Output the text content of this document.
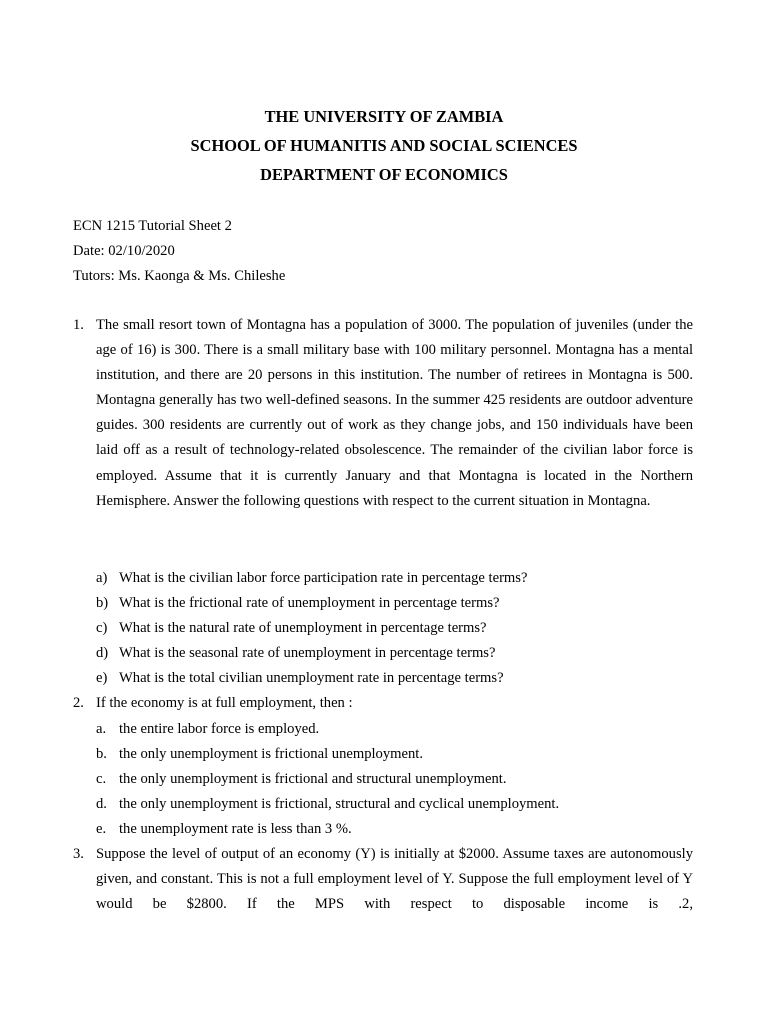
THE UNIVERSITY OF ZAMBIA
SCHOOL OF HUMANITIS AND SOCIAL SCIENCES
DEPARTMENT OF ECONOMICS
ECN 1215 Tutorial Sheet 2
Date: 02/10/2020
Tutors: Ms. Kaonga & Ms. Chileshe
1. The small resort town of Montagna has a population of 3000. The population of juveniles (under the age of 16) is 300. There is a small military base with 100 military personnel. Montagna has a mental institution, and there are 20 persons in this institution. The number of retirees in Montagna is 500. Montagna generally has two well-defined seasons. In the summer 425 residents are outdoor adventure guides. 300 residents are currently out of work as they change jobs, and 150 individuals have been laid off as a result of technology-related obsolescence. The remainder of the civilian labor force is employed. Assume that it is currently January and that Montagna is located in the Northern Hemisphere. Answer the following questions with respect to the current situation in Montagna.
a) What is the civilian labor force participation rate in percentage terms?
b) What is the frictional rate of unemployment in percentage terms?
c) What is the natural rate of unemployment in percentage terms?
d) What is the seasonal rate of unemployment in percentage terms?
e) What is the total civilian unemployment rate in percentage terms?
2. If the economy is at full employment, then :
a. the entire labor force is employed.
b. the only unemployment is frictional unemployment.
c. the only unemployment is frictional and structural unemployment.
d. the only unemployment is frictional, structural and cyclical unemployment.
e. the unemployment rate is less than 3 %.
3. Suppose the level of output of an economy (Y) is initially at $2000. Assume taxes are autonomously given, and constant. This is not a full employment level of Y. Suppose the full employment level of Y would be $2800. If the MPS with respect to disposable income is .2,
